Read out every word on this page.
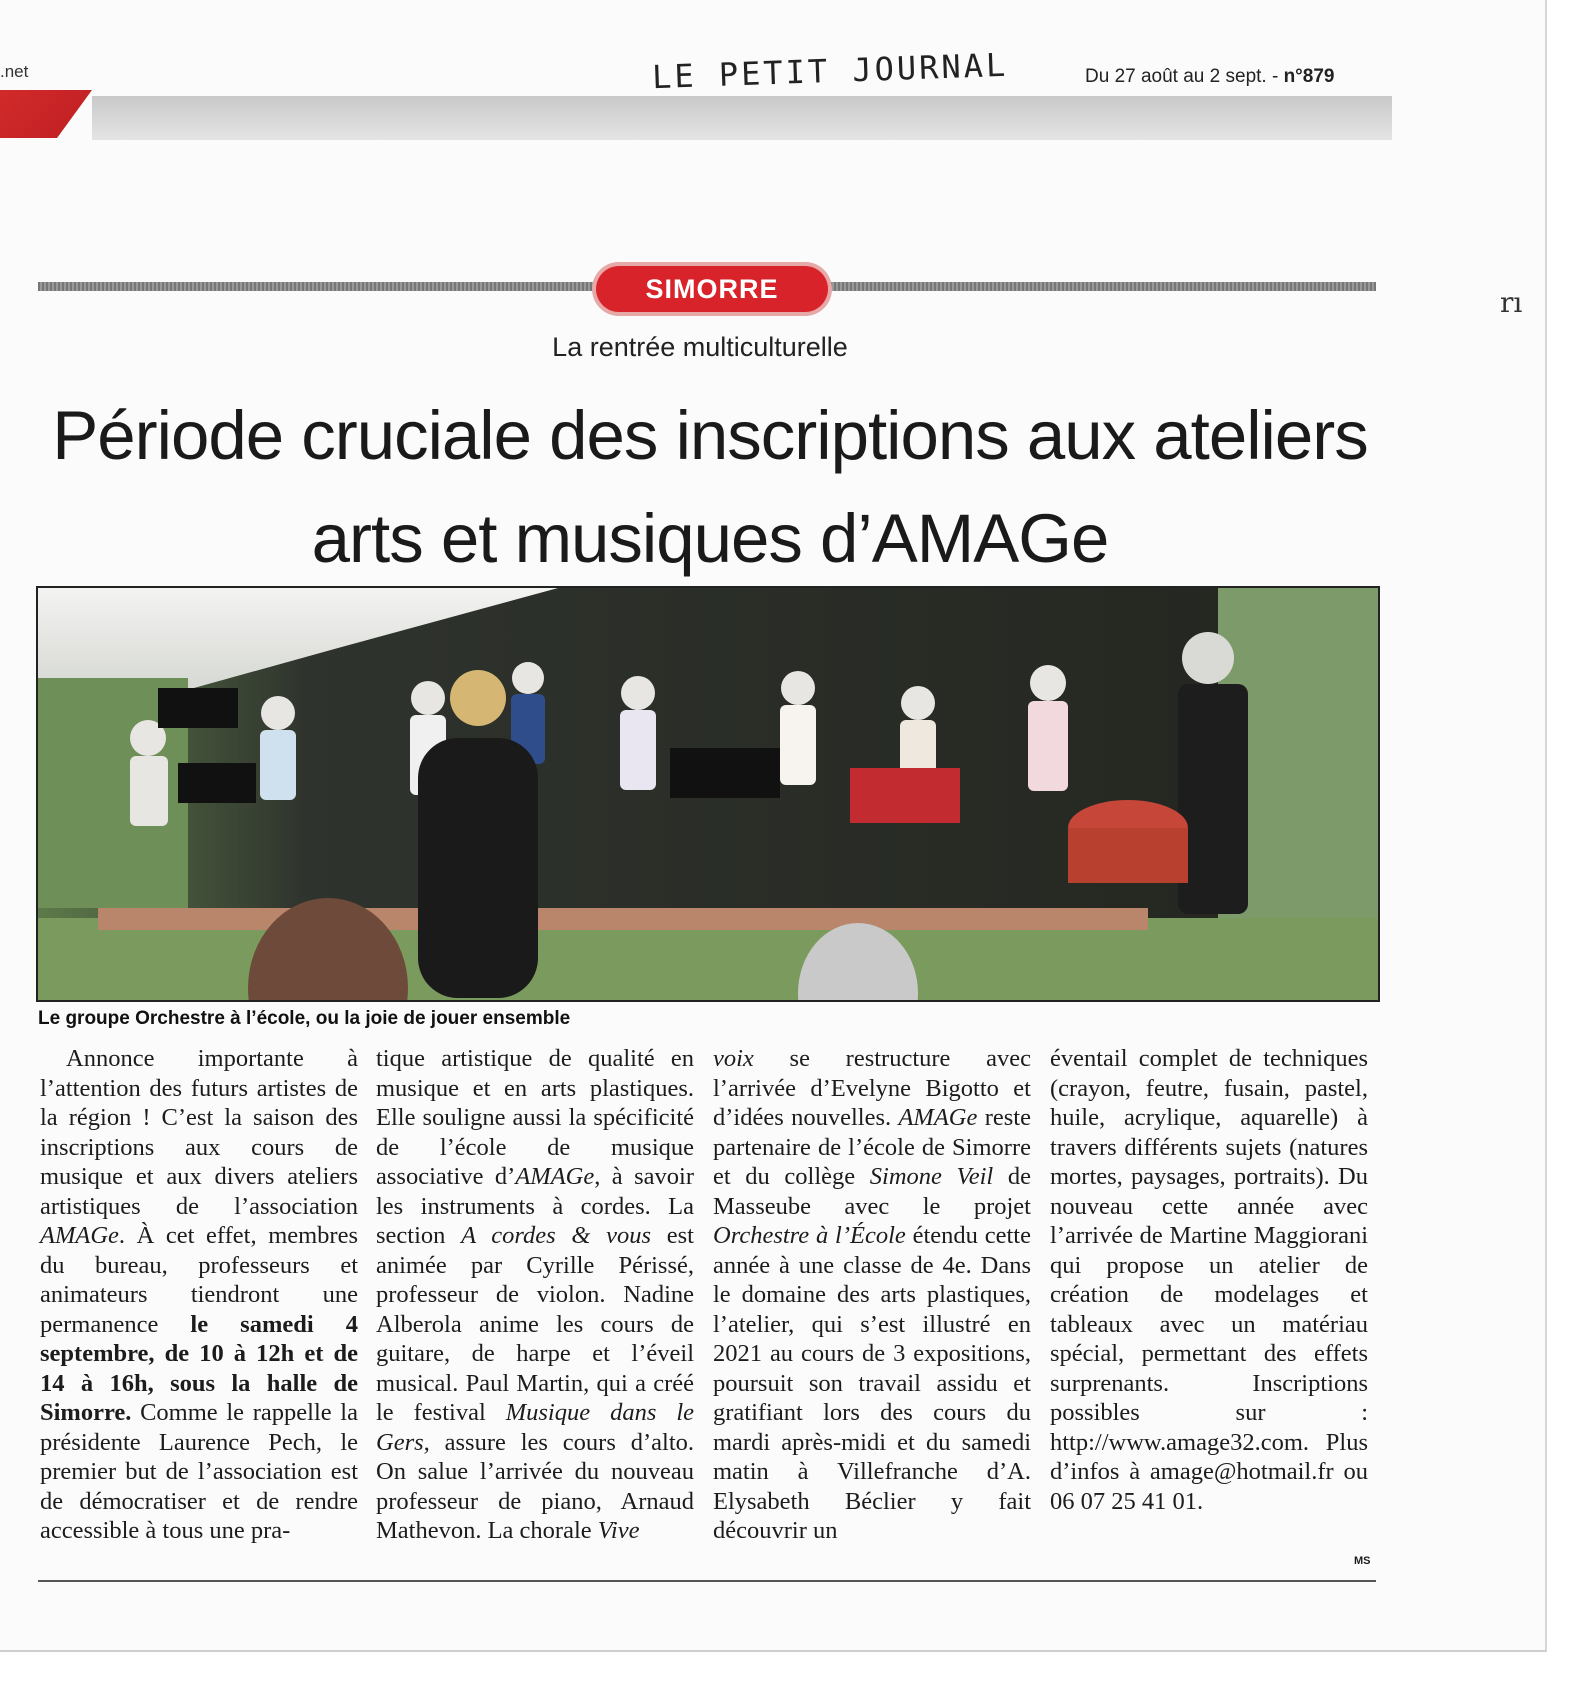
.net	LE PETIT JOURNAL	Du 27 août au 2 sept. - n°879
SIMORRE
La rentrée multiculturelle
Période cruciale des inscriptions aux ateliers arts et musiques d’AMAGe
Le groupe Orchestre à l’école, ou la joie de jouer ensemble
Annonce importante à l’attention des futurs artistes de la région ! C’est la saison des inscriptions aux cours de musique et aux divers ateliers artistiques de l’association AMAGe. À cet effet, membres du bureau, professeurs et animateurs tiendront une permanence le samedi 4 septembre, de 10 à 12h et de 14 à 16h, sous la halle de Simorre. Comme le rappelle la présidente Laurence Pech, le premier but de l’association est de démocratiser et de rendre accessible à tous une pra-
tique artistique de qualité en musique et en arts plastiques. Elle souligne aussi la spécificité de l’école de musique associative d’AMAGe, à savoir les instruments à cordes. La section A cordes & vous est animée par Cyrille Périssé, professeur de violon. Nadine Alberola anime les cours de guitare, de harpe et l’éveil musical. Paul Martin, qui a créé le festival Musique dans le Gers, assure les cours d’alto. On salue l’arrivée du nouveau professeur de piano, Arnaud Mathevon. La chorale Vive
voix se restructure avec l’arrivée d’Evelyne Bigotto et d’idées nouvelles. AMAGe reste partenaire de l’école de Simorre et du collège Simone Veil de Masseube avec le projet Orchestre à l’École étendu cette année à une classe de 4e. Dans le domaine des arts plastiques, l’atelier, qui s’est illustré en 2021 au cours de 3 expositions, poursuit son travail assidu et gratifiant lors des cours du mardi après-midi et du samedi matin à Villefranche d’A. Elysabeth Béclier y fait découvrir un
éventail complet de techniques (crayon, feutre, fusain, pastel, huile, acrylique, aquarelle) à travers différents sujets (natures mortes, paysages, portraits). Du nouveau cette année avec l’arrivée de Martine Maggiorani qui propose un atelier de création de modelages et tableaux avec un matériau spécial, permettant des effets surprenants. Inscriptions possibles sur : http://www.amage32.com. Plus d’infos à amage@hotmail.fr ou 06 07 25 41 01.
MS
rı
